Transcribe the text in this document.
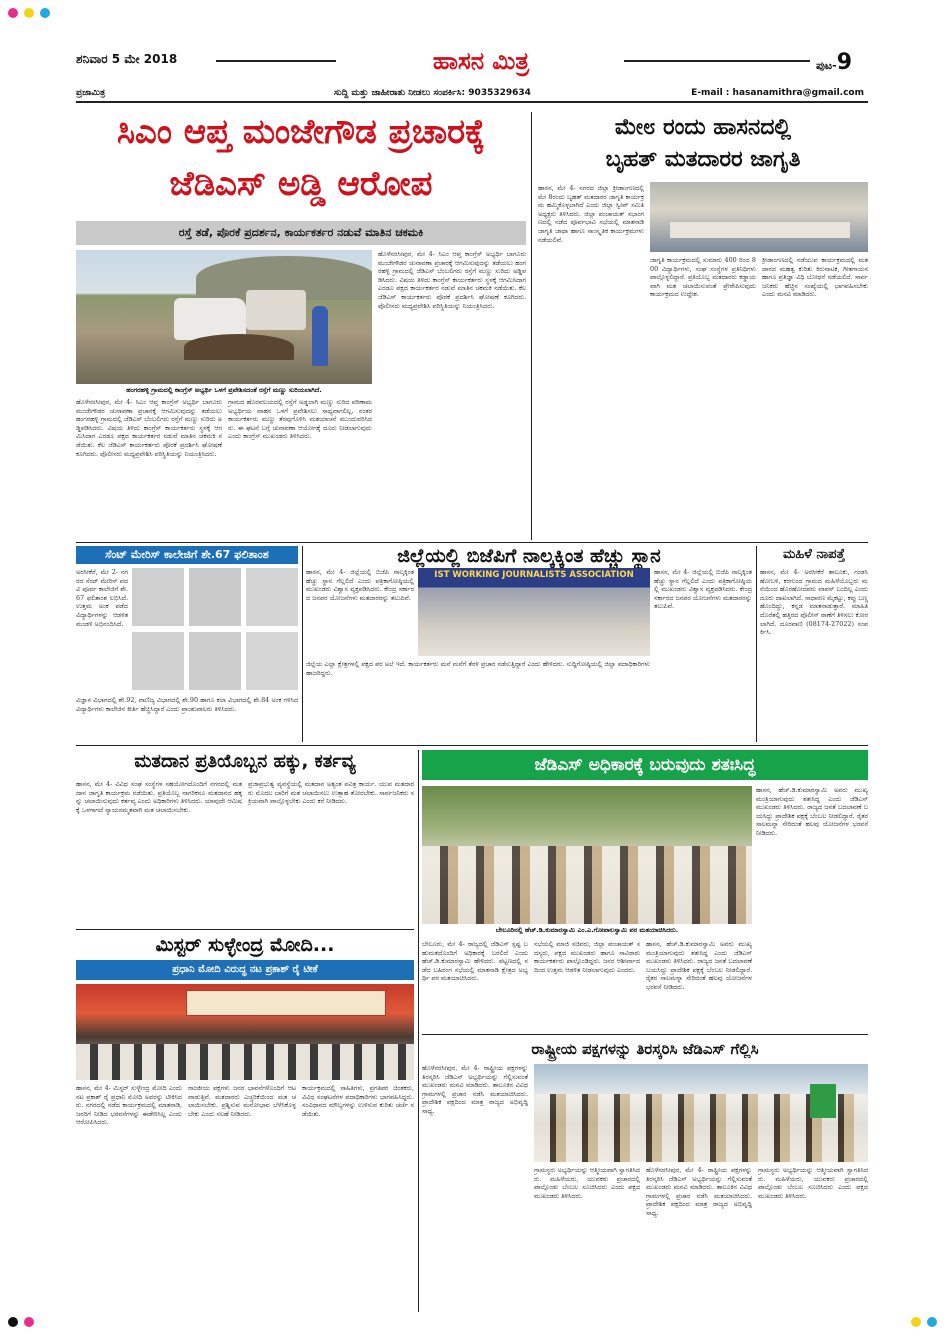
ಶನಿವಾರ 5 ಮೇ 2018	ಹಾಸನ ಮಿತ್ರ	ಪುಟ-9
ಪ್ರಜಾಮಿತ್ರ	ಸುದ್ದಿ ಮತ್ತು ಜಾಹೀರಾತು ನೀಡಲು ಸಂಪರ್ಕಿಸಿ: 9035329634	E-mail : hasanamithra@gmail.com
ಸಿಎಂ ಆಪ್ತ ಮಂಜೇಗೌಡ ಪ್ರಚಾರಕ್ಕೆ
ಜೆಡಿಎಸ್ ಅಡ್ಡಿ ಆರೋಪ
ರಸ್ತೆ ತಡೆ, ಪೊರಕೆ ಪ್ರದರ್ಶನ, ಕಾರ್ಯಕರ್ತರ ನಡುವೆ ಮಾತಿನ ಚಕಮಕಿ
ಹಂಗರಹಳ್ಳಿ ಗ್ರಾಮದಲ್ಲಿ ಕಾಂಗ್ರೆಸ್ ಅಭ್ಯರ್ಥಿ ಒಳಗೆ ಪ್ರವೇಶಿಸದಂತೆ ರಸ್ತೆಗೆ ಮಣ್ಣು ಸುರಿಯಲಾಗಿದೆ.
ಹೊಳೆನರಸೀಪುರ, ಮೇ 4- ಸಿಎಂ ಆಪ್ತ ಕಾಂಗ್ರೆಸ್ ಅಭ್ಯರ್ಥಿ ಬಾಗೂರು ಮಂಜೇಗೌಡರ ಚುನಾವಣಾ ಪ್ರಚಾರಕ್ಕೆ ಆಗಮಿಸುವುದನ್ನು ತಡೆಯಲು ಹಂಗರಹಳ್ಳಿ ಗ್ರಾಮದಲ್ಲಿ ಜೆಡಿಎಸ್ ಬೆಂಬಲಿಗರು ರಸ್ತೆಗೆ ಮಣ್ಣು ಸುರಿದು ಅಡ್ಡಿಪಡಿಸಿದರು. ವಿಷಯ ತಿಳಿದು ಕಾಂಗ್ರೆಸ್ ಕಾರ್ಯಕರ್ತರು ಸ್ಥಳಕ್ಕೆ ಆಗಮಿಸಿದಾಗ ಎರಡೂ ಪಕ್ಷದ ಕಾರ್ಯಕರ್ತರ ನಡುವೆ ಮಾತಿನ ಚಕಮಕಿ ನಡೆಯಿತು. ಕೆಲ ಜೆಡಿಎಸ್ ಕಾರ್ಯಕರ್ತರು ಪೊರಕೆ ಪ್ರದರ್ಶಿಸಿ ಘೋಷಣೆ ಕೂಗಿದರು. ಪೊಲೀಸರು ಮಧ್ಯಪ್ರವೇಶಿಸಿ ಪರಿಸ್ಥಿತಿಯನ್ನು ನಿಯಂತ್ರಿಸಿದರು.
ಗ್ರಾಮದ ಹೊರವಲಯದಲ್ಲಿ ರಸ್ತೆಗೆ ಅಡ್ಡಲಾಗಿ ಮಣ್ಣು ಸುರಿದ ಪರಿಣಾಮ ಅಭ್ಯರ್ಥಿಯ ವಾಹನ ಒಳಗೆ ಪ್ರವೇಶಿಸಲು ಸಾಧ್ಯವಾಗಲಿಲ್ಲ. ನಂತರ ಕಾರ್ಯಕರ್ತರು ಮಣ್ಣು ತೆರವುಗೊಳಿಸಿ ಮತಯಾಚನೆ ಮುಂದುವರಿಸಿದರು. ಈ ಘಟನೆ ಬಗ್ಗೆ ಚುನಾವಣಾ ಆಯೋಗಕ್ಕೆ ದೂರು ನೀಡಲಾಗುವುದು ಎಂದು ಕಾಂಗ್ರೆಸ್ ಮುಖಂಡರು ತಿಳಿಸಿದರು.
ಹೊಳೆನರಸೀಪುರ, ಮೇ 4- ಸಿಎಂ ಆಪ್ತ ಕಾಂಗ್ರೆಸ್ ಅಭ್ಯರ್ಥಿ ಬಾಗೂರು ಮಂಜೇಗೌಡರ ಚುನಾವಣಾ ಪ್ರಚಾರಕ್ಕೆ ಆಗಮಿಸುವುದನ್ನು ತಡೆಯಲು ಹಂಗರಹಳ್ಳಿ ಗ್ರಾಮದಲ್ಲಿ ಜೆಡಿಎಸ್ ಬೆಂಬಲಿಗರು ರಸ್ತೆಗೆ ಮಣ್ಣು ಸುರಿದು ಅಡ್ಡಿಪಡಿಸಿದರು. ವಿಷಯ ತಿಳಿದು ಕಾಂಗ್ರೆಸ್ ಕಾರ್ಯಕರ್ತರು ಸ್ಥಳಕ್ಕೆ ಆಗಮಿಸಿದಾಗ ಎರಡೂ ಪಕ್ಷದ ಕಾರ್ಯಕರ್ತರ ನಡುವೆ ಮಾತಿನ ಚಕಮಕಿ ನಡೆಯಿತು. ಕೆಲ ಜೆಡಿಎಸ್ ಕಾರ್ಯಕರ್ತರು ಪೊರಕೆ ಪ್ರದರ್ಶಿಸಿ ಘೋಷಣೆ ಕೂಗಿದರು. ಪೊಲೀಸರು ಮಧ್ಯಪ್ರವೇಶಿಸಿ ಪರಿಸ್ಥಿತಿಯನ್ನು ನಿಯಂತ್ರಿಸಿದರು.
ಮೇ೮ ರಂದು ಹಾಸನದಲ್ಲಿ
ಬೃಹತ್ ಮತದಾರರ ಜಾಗೃತಿ
ಹಾಸನ, ಮೇ 4- ನಗರದ ಜಿಲ್ಲಾ ಕ್ರೀಡಾಂಗಣದಲ್ಲಿ ಮೇ 8ರಂದು ಬೃಹತ್ ಮತದಾರರ ಜಾಗೃತಿ ಕಾರ್ಯಕ್ರಮ ಹಮ್ಮಿಕೊಳ್ಳಲಾಗಿದೆ ಎಂದು ಜಿಲ್ಲಾ ಸ್ವೀಪ್ ಸಮಿತಿ ಅಧ್ಯಕ್ಷರು ತಿಳಿಸಿದರು. ಜಿಲ್ಲಾ ಪಂಚಾಯತ್ ಸಭಾಂಗಣದಲ್ಲಿ ನಡೆದ ಪೂರ್ವಭಾವಿ ಸಭೆಯಲ್ಲಿ ಮಾತನಾಡಿ ಜಾಗೃತಿ ಜಾಥಾ ಹಾಗೂ ಸಾಂಸ್ಕೃತಿಕ ಕಾರ್ಯಕ್ರಮಗಳು ನಡೆಯಲಿವೆ.
ಜಾಗೃತಿ ಕಾರ್ಯಕ್ರಮದಲ್ಲಿ ಸುಮಾರು 400 ರಿಂದ 800 ವಿದ್ಯಾರ್ಥಿಗಳು, ಸಂಘ ಸಂಸ್ಥೆಗಳ ಪ್ರತಿನಿಧಿಗಳು ಪಾಲ್ಗೊಳ್ಳಲಿದ್ದಾರೆ. ಪ್ರತಿಯೊಬ್ಬ ಮತದಾರರು ಕಡ್ಡಾಯವಾಗಿ ಮತ ಚಲಾಯಿಸುವಂತೆ ಪ್ರೇರೇಪಿಸುವುದು ಕಾರ್ಯಕ್ರಮದ ಉದ್ದೇಶ.
ಕ್ರೀಡಾಂಗಣದಲ್ಲಿ ನಡೆಯುವ ಕಾರ್ಯಕ್ರಮದಲ್ಲಿ ಮತದಾನದ ಮಹತ್ವ ಕುರಿತು ಕಿರುನಾಟಕ, ಗೀತಗಾಯನ ಹಾಗೂ ಪ್ರತಿಜ್ಞಾ ವಿಧಿ ಬೋಧನೆ ನಡೆಯಲಿದೆ. ಸಾರ್ವಜನಿಕರು ಹೆಚ್ಚಿನ ಸಂಖ್ಯೆಯಲ್ಲಿ ಭಾಗವಹಿಸಬೇಕು ಎಂದು ಮನವಿ ಮಾಡಿದರು.
ಸೆಂಟ್ ಮೇರಿಸ್ ಕಾಲೇಜಿಗೆ ಶೇ.67 ಫಲಿತಾಂಶ
ಅರಸೀಕೆರೆ, ಮೇ 2- ನಗರದ ಸೆಂಟ್ ಮೇರಿಸ್ ಪದವಿ ಪೂರ್ವ ಕಾಲೇಜಿಗೆ ಶೇ.67 ಫಲಿತಾಂಶ ಲಭಿಸಿದೆ. ಉತ್ತಮ ಅಂಕ ಪಡೆದ ವಿದ್ಯಾರ್ಥಿಗಳನ್ನು ಆಡಳಿತ ಮಂಡಳಿ ಅಭಿನಂದಿಸಿದೆ.
ವಿಜ್ಞಾನ ವಿಭಾಗದಲ್ಲಿ ಶೇ.92, ವಾಣಿಜ್ಯ ವಿಭಾಗದಲ್ಲಿ ಶೇ.90 ಹಾಗೂ ಕಲಾ ವಿಭಾಗದಲ್ಲಿ ಶೇ.84 ಅಂಕ ಗಳಿಸಿದ ವಿದ್ಯಾರ್ಥಿಗಳು ಕಾಲೇಜಿನ ಕೀರ್ತಿ ಹೆಚ್ಚಿಸಿದ್ದಾರೆ ಎಂದು ಪ್ರಾಂಶುಪಾಲರು ತಿಳಿಸಿದರು.
ಜಿಲ್ಲೆಯಲ್ಲಿ ಬಿಜೆಪಿಗೆ ನಾಲ್ಕಕ್ಕಿಂತ ಹೆಚ್ಚು ಸ್ಥಾನ
ಹಾಸನ, ಮೇ 4- ಜಿಲ್ಲೆಯಲ್ಲಿ ಬಿಜೆಪಿ ನಾಲ್ಕಕ್ಕಿಂತ ಹೆಚ್ಚು ಸ್ಥಾನ ಗೆಲ್ಲಲಿದೆ ಎಂದು ಪತ್ರಿಕಾಗೋಷ್ಠಿಯಲ್ಲಿ ಮುಖಂಡರು ವಿಶ್ವಾಸ ವ್ಯಕ್ತಪಡಿಸಿದರು. ಕೇಂದ್ರ ಸರ್ಕಾರದ ಜನಪರ ಯೋಜನೆಗಳು ಮತದಾರರನ್ನು ತಲುಪಿವೆ.
IST WORKING JOURNALISTS ASSOCIATION
ಜಿಲ್ಲೆಯ ಎಲ್ಲಾ ಕ್ಷೇತ್ರಗಳಲ್ಲಿ ಪಕ್ಷದ ಪರ ಅಲೆ ಇದೆ. ಕಾರ್ಯಕರ್ತರು ಮನೆ ಮನೆಗೆ ತೆರಳಿ ಪ್ರಚಾರ ನಡೆಸುತ್ತಿದ್ದಾರೆ ಎಂದು ಹೇಳಿದರು. ಸುದ್ದಿಗೋಷ್ಠಿಯಲ್ಲಿ ಜಿಲ್ಲಾ ಪದಾಧಿಕಾರಿಗಳು ಹಾಜರಿದ್ದರು.
ಹಾಸನ, ಮೇ 4- ಜಿಲ್ಲೆಯಲ್ಲಿ ಬಿಜೆಪಿ ನಾಲ್ಕಕ್ಕಿಂತ ಹೆಚ್ಚು ಸ್ಥಾನ ಗೆಲ್ಲಲಿದೆ ಎಂದು ಪತ್ರಿಕಾಗೋಷ್ಠಿಯಲ್ಲಿ ಮುಖಂಡರು ವಿಶ್ವಾಸ ವ್ಯಕ್ತಪಡಿಸಿದರು. ಕೇಂದ್ರ ಸರ್ಕಾರದ ಜನಪರ ಯೋಜನೆಗಳು ಮತದಾರರನ್ನು ತಲುಪಿವೆ.
ಮಹಿಳೆ ನಾಪತ್ತೆ
ಹಾಸನ, ಮೇ 4- ಅರಸೀಕೆರೆ ತಾಲೂಕು, ಗಂಡಸಿ ಹೋಬಳಿ, ಕರಗುಂದ ಗ್ರಾಮದ ಮಹಿಳೆಯೊಬ್ಬರು ಮನೆಯಿಂದ ಹೊರಹೋದವರು ವಾಪಸ್ ಬಂದಿಲ್ಲ ಎಂದು ದೂರು ದಾಖಲಾಗಿದೆ. ಸಾಧಾರಣ ಮೈಕಟ್ಟು, ಕಪ್ಪು ಬಣ್ಣ ಹೊಂದಿದ್ದು, ಕನ್ನಡ ಮಾತನಾಡುತ್ತಾರೆ. ಮಾಹಿತಿ ದೊರೆತಲ್ಲಿ ಹತ್ತಿರದ ಪೊಲೀಸ್ ಠಾಣೆಗೆ ತಿಳಿಸಲು ಕೋರಲಾಗಿದೆ. ದೂರವಾಣಿ (08174-27022) ಸಂಪರ್ಕಿಸಿ.
ಮತದಾನ ಪ್ರತಿಯೊಬ್ಬನ ಹಕ್ಕು, ಕರ್ತವ್ಯ
ಹಾಸನ, ಮೇ 4- ವಿವಿಧ ಸಂಘ ಸಂಸ್ಥೆಗಳ ಸಹಯೋಗದೊಂದಿಗೆ ನಗರದಲ್ಲಿ ಮತದಾನ ಜಾಗೃತಿ ಕಾರ್ಯಕ್ರಮ ನಡೆಯಿತು. ಪ್ರತಿಯೊಬ್ಬ ನಾಗರಿಕನೂ ಮತದಾನದ ಹಕ್ಕನ್ನು ಚಲಾಯಿಸುವುದು ಕರ್ತವ್ಯ ಎಂದು ಅಧಿಕಾರಿಗಳು ತಿಳಿಸಿದರು. ಯಾವುದೇ ಆಮಿಷಕ್ಕೆ ಒಳಗಾಗದೆ ನ್ಯಾಯಸಮ್ಮತವಾಗಿ ಮತ ಚಲಾಯಿಸಬೇಕು.
ಪ್ರಜಾಪ್ರಭುತ್ವ ವ್ಯವಸ್ಥೆಯಲ್ಲಿ ಮತದಾನ ಅತ್ಯಂತ ಪವಿತ್ರ ಕಾರ್ಯ. ಯುವ ಮತದಾರರು ಮೊದಲ ಬಾರಿಗೆ ಮತ ಚಲಾಯಿಸಲು ಉತ್ಸಾಹ ತೋರಬೇಕು. ಸಾರ್ವಜನಿಕರು ಸಕ್ರಿಯವಾಗಿ ಪಾಲ್ಗೊಳ್ಳಬೇಕು ಎಂದು ಕರೆ ನೀಡಿದರು.
ಮಿಸ್ಟರ್ ಸುಳ್ಳೇಂದ್ರ ಮೋದಿ...
ಪ್ರಧಾನಿ ಮೋದಿ ವಿರುದ್ಧ ನಟ ಪ್ರಕಾಶ್ ರೈ ಟೀಕೆ
ಹಾಸನ, ಮೇ 4- ಮಿಸ್ಟರ್ ಸುಳ್ಳೇಂದ್ರ ಮೋದಿ ಎಂದು ನಟ ಪ್ರಕಾಶ್ ರೈ ಪ್ರಧಾನಿ ಮೋದಿ ಅವರನ್ನು ಟೀಕಿಸಿದರು. ನಗರದಲ್ಲಿ ನಡೆದ ಕಾರ್ಯಕ್ರಮದಲ್ಲಿ ಮಾತನಾಡಿ, ಜನರಿಗೆ ನೀಡಿದ ಭರವಸೆಗಳನ್ನು ಈಡೇರಿಸಿಲ್ಲ ಎಂದು ಆರೋಪಿಸಿದರು.
ರಾಜಕೀಯ ಪಕ್ಷಗಳು ಜನರ ಭಾವನೆಗಳೊಂದಿಗೆ ಆಟವಾಡುತ್ತಿವೆ. ಮತದಾರರು ಎಚ್ಚರಿಕೆಯಿಂದ ಮತ ಚಲಾಯಿಸಬೇಕು. ಪ್ರಶ್ನಿಸುವ ಮನೋಭಾವ ಬೆಳೆಸಿಕೊಳ್ಳಬೇಕು ಎಂದು ಸಲಹೆ ನೀಡಿದರು.
ಕಾರ್ಯಕ್ರಮದಲ್ಲಿ ಸಾಹಿತಿಗಳು, ಪ್ರಗತಿಪರ ಚಿಂತಕರು, ವಿವಿಧ ಸಂಘಟನೆಗಳ ಪದಾಧಿಕಾರಿಗಳು ಭಾಗವಹಿಸಿದ್ದರು. ಸಂವಿಧಾನದ ಮೌಲ್ಯಗಳನ್ನು ಉಳಿಸುವ ಕುರಿತು ಚರ್ಚೆ ನಡೆಯಿತು.
ಜೆಡಿಎಸ್ ಅಧಿಕಾರಕ್ಕೆ ಬರುವುದು ಶತಃಸಿದ್ಧ
ಬೇಲೂರಿನಲ್ಲಿ ಹೆಚ್.ಡಿ.ಕುಮಾರಸ್ವಾಮಿ ಎಂ.ಎ.ಗೋಪಾಲಸ್ವಾಮಿ ಪರ ಮತಯಾಚಿಸಿದರು.
ಹಾಸನ, ಹೆಚ್.ಡಿ.ಕುಮಾರಸ್ವಾಮಿ ಅವರು ಮುಖ್ಯಮಂತ್ರಿಯಾಗುವುದು ಶತಃಸಿದ್ಧ ಎಂದು ಜೆಡಿಎಸ್ ಮುಖಂಡರು ತಿಳಿಸಿದರು. ರಾಜ್ಯದ ಜನತೆ ಬದಲಾವಣೆ ಬಯಸಿದ್ದು ಪ್ರಾದೇಶಿಕ ಪಕ್ಷಕ್ಕೆ ಬೆಂಬಲ ನೀಡಲಿದ್ದಾರೆ. ರೈತರ ಸಾಲಮನ್ನಾ ಸೇರಿದಂತೆ ಹಲವು ಯೋಜನೆಗಳ ಭರವಸೆ ನೀಡಿದರು.
ಬೇಲೂರು, ಮೇ 4- ರಾಜ್ಯದಲ್ಲಿ ಜೆಡಿಎಸ್ ಸ್ಪಷ್ಟ ಬಹುಮತದೊಂದಿಗೆ ಅಧಿಕಾರಕ್ಕೆ ಬರಲಿದೆ ಎಂದು ಹೆಚ್.ಡಿ.ಕುಮಾರಸ್ವಾಮಿ ಹೇಳಿದರು. ಪಟ್ಟಣದಲ್ಲಿ ನಡೆದ ಬಹಿರಂಗ ಸಭೆಯಲ್ಲಿ ಮಾತನಾಡಿ ಕ್ಷೇತ್ರದ ಅಭ್ಯರ್ಥಿ ಪರ ಮತಯಾಚಿಸಿದರು.
ಸಭೆಯಲ್ಲಿ ಮಾಜಿ ಸಚಿವರು, ಜಿಲ್ಲಾ ಪಂಚಾಯತ್ ಸದಸ್ಯರು, ಪಕ್ಷದ ಮುಖಂಡರು ಹಾಗೂ ಸಾವಿರಾರು ಕಾರ್ಯಕರ್ತರು ಪಾಲ್ಗೊಂಡಿದ್ದರು. ಜನರ ಆಶೀರ್ವಾದದಿಂದ ಉತ್ತಮ ಆಡಳಿತ ನೀಡಲಾಗುವುದು ಎಂದರು.
ಹಾಸನ, ಹೆಚ್.ಡಿ.ಕುಮಾರಸ್ವಾಮಿ ಅವರು ಮುಖ್ಯಮಂತ್ರಿಯಾಗುವುದು ಶತಃಸಿದ್ಧ ಎಂದು ಜೆಡಿಎಸ್ ಮುಖಂಡರು ತಿಳಿಸಿದರು. ರಾಜ್ಯದ ಜನತೆ ಬದಲಾವಣೆ ಬಯಸಿದ್ದು ಪ್ರಾದೇಶಿಕ ಪಕ್ಷಕ್ಕೆ ಬೆಂಬಲ ನೀಡಲಿದ್ದಾರೆ. ರೈತರ ಸಾಲಮನ್ನಾ ಸೇರಿದಂತೆ ಹಲವು ಯೋಜನೆಗಳ ಭರವಸೆ ನೀಡಿದರು.
ರಾಷ್ಟ್ರೀಯ ಪಕ್ಷಗಳನ್ನು ತಿರಸ್ಕರಿಸಿ ಜೆಡಿಎಸ್ ಗೆಲ್ಲಿಸಿ
ಹೊಳೆನರಸೀಪುರ, ಮೇ 4- ರಾಷ್ಟ್ರೀಯ ಪಕ್ಷಗಳನ್ನು ತಿರಸ್ಕರಿಸಿ ಜೆಡಿಎಸ್ ಅಭ್ಯರ್ಥಿಯನ್ನು ಗೆಲ್ಲಿಸುವಂತೆ ಮುಖಂಡರು ಮನವಿ ಮಾಡಿದರು. ತಾಲೂಕಿನ ವಿವಿಧ ಗ್ರಾಮಗಳಲ್ಲಿ ಪ್ರಚಾರ ನಡೆಸಿ ಮತಯಾಚಿಸಿದರು. ಪ್ರಾದೇಶಿಕ ಪಕ್ಷದಿಂದ ಮಾತ್ರ ರಾಜ್ಯದ ಅಭಿವೃದ್ಧಿ ಸಾಧ್ಯ.
ಗ್ರಾಮಸ್ಥರು ಅಭ್ಯರ್ಥಿಯನ್ನು ಆತ್ಮೀಯವಾಗಿ ಸ್ವಾಗತಿಸಿದರು. ಮಹಿಳೆಯರು, ಯುವಕರು ಪ್ರಚಾರದಲ್ಲಿ ಪಾಲ್ಗೊಂಡು ಬೆಂಬಲ ಸೂಚಿಸಿದರು ಎಂದು ಪಕ್ಷದ ಮುಖಂಡರು ತಿಳಿಸಿದರು.
ಹೊಳೆನರಸೀಪುರ, ಮೇ 4- ರಾಷ್ಟ್ರೀಯ ಪಕ್ಷಗಳನ್ನು ತಿರಸ್ಕರಿಸಿ ಜೆಡಿಎಸ್ ಅಭ್ಯರ್ಥಿಯನ್ನು ಗೆಲ್ಲಿಸುವಂತೆ ಮುಖಂಡರು ಮನವಿ ಮಾಡಿದರು. ತಾಲೂಕಿನ ವಿವಿಧ ಗ್ರಾಮಗಳಲ್ಲಿ ಪ್ರಚಾರ ನಡೆಸಿ ಮತಯಾಚಿಸಿದರು. ಪ್ರಾದೇಶಿಕ ಪಕ್ಷದಿಂದ ಮಾತ್ರ ರಾಜ್ಯದ ಅಭಿವೃದ್ಧಿ ಸಾಧ್ಯ.
ಗ್ರಾಮಸ್ಥರು ಅಭ್ಯರ್ಥಿಯನ್ನು ಆತ್ಮೀಯವಾಗಿ ಸ್ವಾಗತಿಸಿದರು. ಮಹಿಳೆಯರು, ಯುವಕರು ಪ್ರಚಾರದಲ್ಲಿ ಪಾಲ್ಗೊಂಡು ಬೆಂಬಲ ಸೂಚಿಸಿದರು ಎಂದು ಪಕ್ಷದ ಮುಖಂಡರು ತಿಳಿಸಿದರು.
